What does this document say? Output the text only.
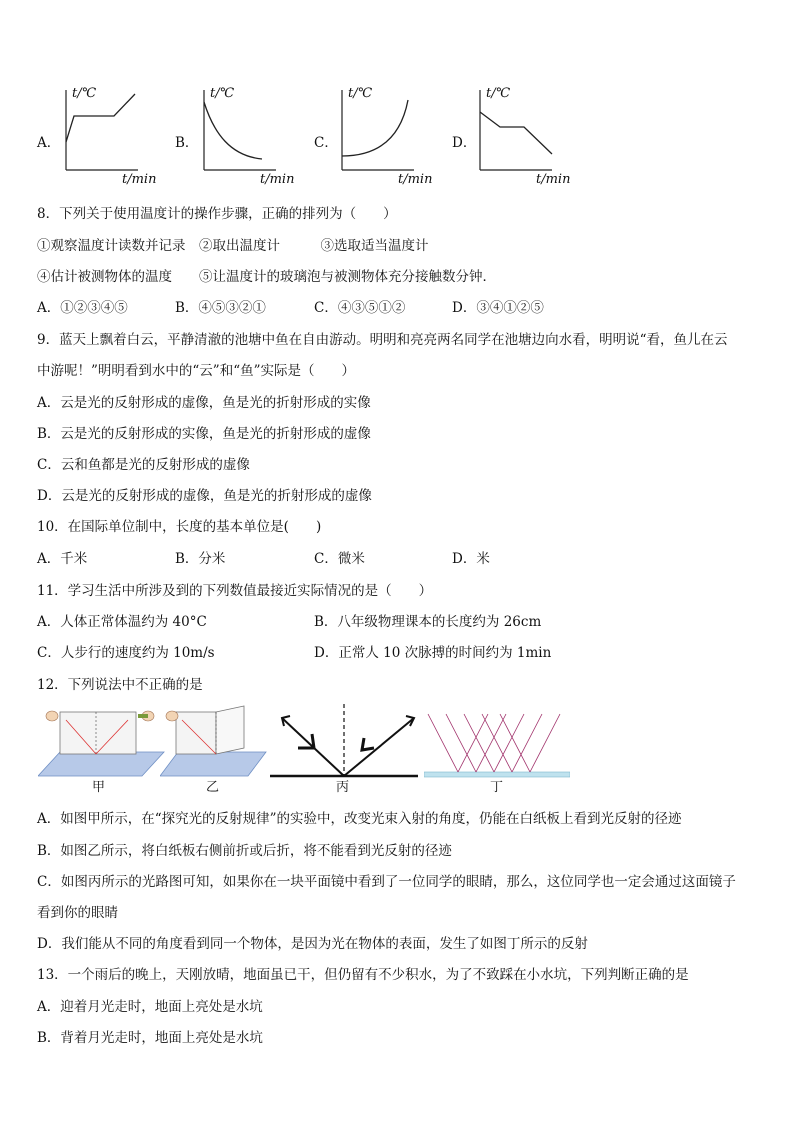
A．
t/℃
t/min
B．
t/℃
t/min
C．
t/℃
t/min
D．
t/℃
t/min
8．下列关于使用温度计的操作步骤，正确的排列为（　　）
①观察温度计读数并记录　②取出温度计　　　③选取适当温度计
④估计被测物体的温度　　⑤让温度计的玻璃泡与被测物体充分接触数分钟．
A．①②③④⑤	B．④⑤③②①	C．④③⑤①②	D．③④①②⑤
9．蓝天上飘着白云，平静清澈的池塘中鱼在自由游动。明明和亮亮两名同学在池塘边向水看，明明说“看，鱼儿在云
中游呢！”明明看到水中的“云”和“鱼”实际是（　　）
A．云是光的反射形成的虚像，鱼是光的折射形成的实像
B．云是光的反射形成的实像，鱼是光的折射形成的虚像
C．云和鱼都是光的反射形成的虚像
D．云是光的反射形成的虚像，鱼是光的折射形成的虚像
10．在国际单位制中，长度的基本单位是(　　)
A．千米	B．分米	C．微米	D．米
11．学习生活中所涉及到的下列数值最接近实际情况的是（　　）
A．人体正常体温约为 40°C	B．八年级物理课本的长度约为 26cm
C．人步行的速度约为 10m/s	D．正常人 10 次脉搏的时间约为 1min
12．下列说法中不正确的是
甲	乙	丙	丁
A．如图甲所示，在“探究光的反射规律”的实验中，改变光束入射的角度，仍能在白纸板上看到光反射的径迹
B．如图乙所示，将白纸板右侧前折或后折，将不能看到光反射的径迹
C．如图丙所示的光路图可知，如果你在一块平面镜中看到了一位同学的眼睛，那么，这位同学也一定会通过这面镜子
看到你的眼睛
D．我们能从不同的角度看到同一个物体，是因为光在物体的表面，发生了如图丁所示的反射
13．一个雨后的晚上，天刚放晴，地面虽已干，但仍留有不少积水，为了不致踩在小水坑，下列判断正确的是
A．迎着月光走时，地面上亮处是水坑
B．背着月光走时，地面上亮处是水坑
